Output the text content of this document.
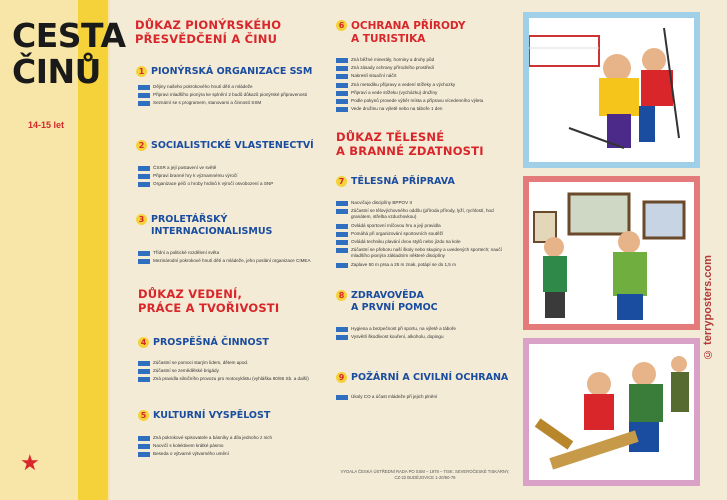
CESTA
ČINŮ
14-15 let
★
DŮKAZ PIONÝRSKÉHO
PŘESVĚDČENÍ A ČINU
1 PIONÝRSKÁ ORGANIZACE SSM
Dějiny našeho pokrokového hnutí dětí a mládeže
Připravi mladšího pionýra ke splnění 2 budů důkazů pionýrské připravenosti
Seznámí se s programem, stanovami a činností SSM
2 SOCIALISTICKÉ VLASTENECTVÍ
ČSSR a její postavení ve světě
Připravi branné hry k významnému výročí
Organizace péči o hroby hrdinů k výročí osvobození a SNP
3 PROLETÁŘSKÝ
INTERNACIONALISMUS
Třídní a politické rozdělení světa
Mezinárodní pokrokové hnutí dětí a mládeže, jeho poslání organizace CIMEA
DŮKAZ VEDENÍ,
PRÁCE A TVOŘIVOSTI
4 PROSPĚŠNÁ ČINNOST
Zúčastní se pomoci starým lidem, dětem apod.
Zúčastní se zemědělské brigády
Zná pravidla silničního provozu pro motocyklistu (vyhláška 80/66 Sb. a další)
5 KULTURNÍ VYSPĚLOST
Zná pokrokové spisovatele a básníky a díla jednoho z nich
Nacvičí s kolektivem krátké pásmo
Beseda o výtvarné výtvarného umění
6 OCHRANA PŘÍRODY
A TURISTIKA
Zná běžné minerály, horniny a druhy půd
Zná zásady ochrany přírodního prostředí
Nakreslí situační náčrt
Zná metodiku přípravy a vedení stížeky a výchozky
Připraví a vede stížeku (vycházku) družiny
Podle pokynů provede výběr místa a přípravu vícedenního výletu
Vede družinu na výletě nebo na táboře 1 den
DŮKAZ TĚLESNÉ
A BRANNÉ ZDATNOSTI
7 TĚLESNÁ PŘÍPRAVA
Nacvičuje disciplíny BPPOV II
Zúčastní se tělovýchovného oddílu (příroda přírody, lyží, rychlostí, hod granátem, střelba vzduchovkou)
Ovládá sportovní míčovou hru a její pravidla
Pomáhá při organizování sportovních soutěží
Ovládá techniku plavání dvou stylů nebo jízdu na kole
Zúčastní se přeboru naší školy nebo skupiny a uvedených sportech; naučí mladšího pionýra základním některé disciplíny
Zaplave 50 m prsa a 25 m znak, potápí se do 1,5 m
8 ZDRAVOVĚDA
A PRVNÍ POMOC
Hygiena a bezpečnost při sportu, na výletě a táboře
Vysvětlí škodlivost kouření, alkoholu, dopingu
9 POŽÁRNÍ A CIVILNÍ OCHRANA
Úkoly CO a účast mládeže při jejich plnění
VYDALA ČESKÁ ÚSTŘEDNÍ RADA PO SSM – 1978 – TISK: SEVEROČESKÉ TISKÁRNY, CZ-22 BUDĚJOVICE 1-20/60-78
© terryposters.com
